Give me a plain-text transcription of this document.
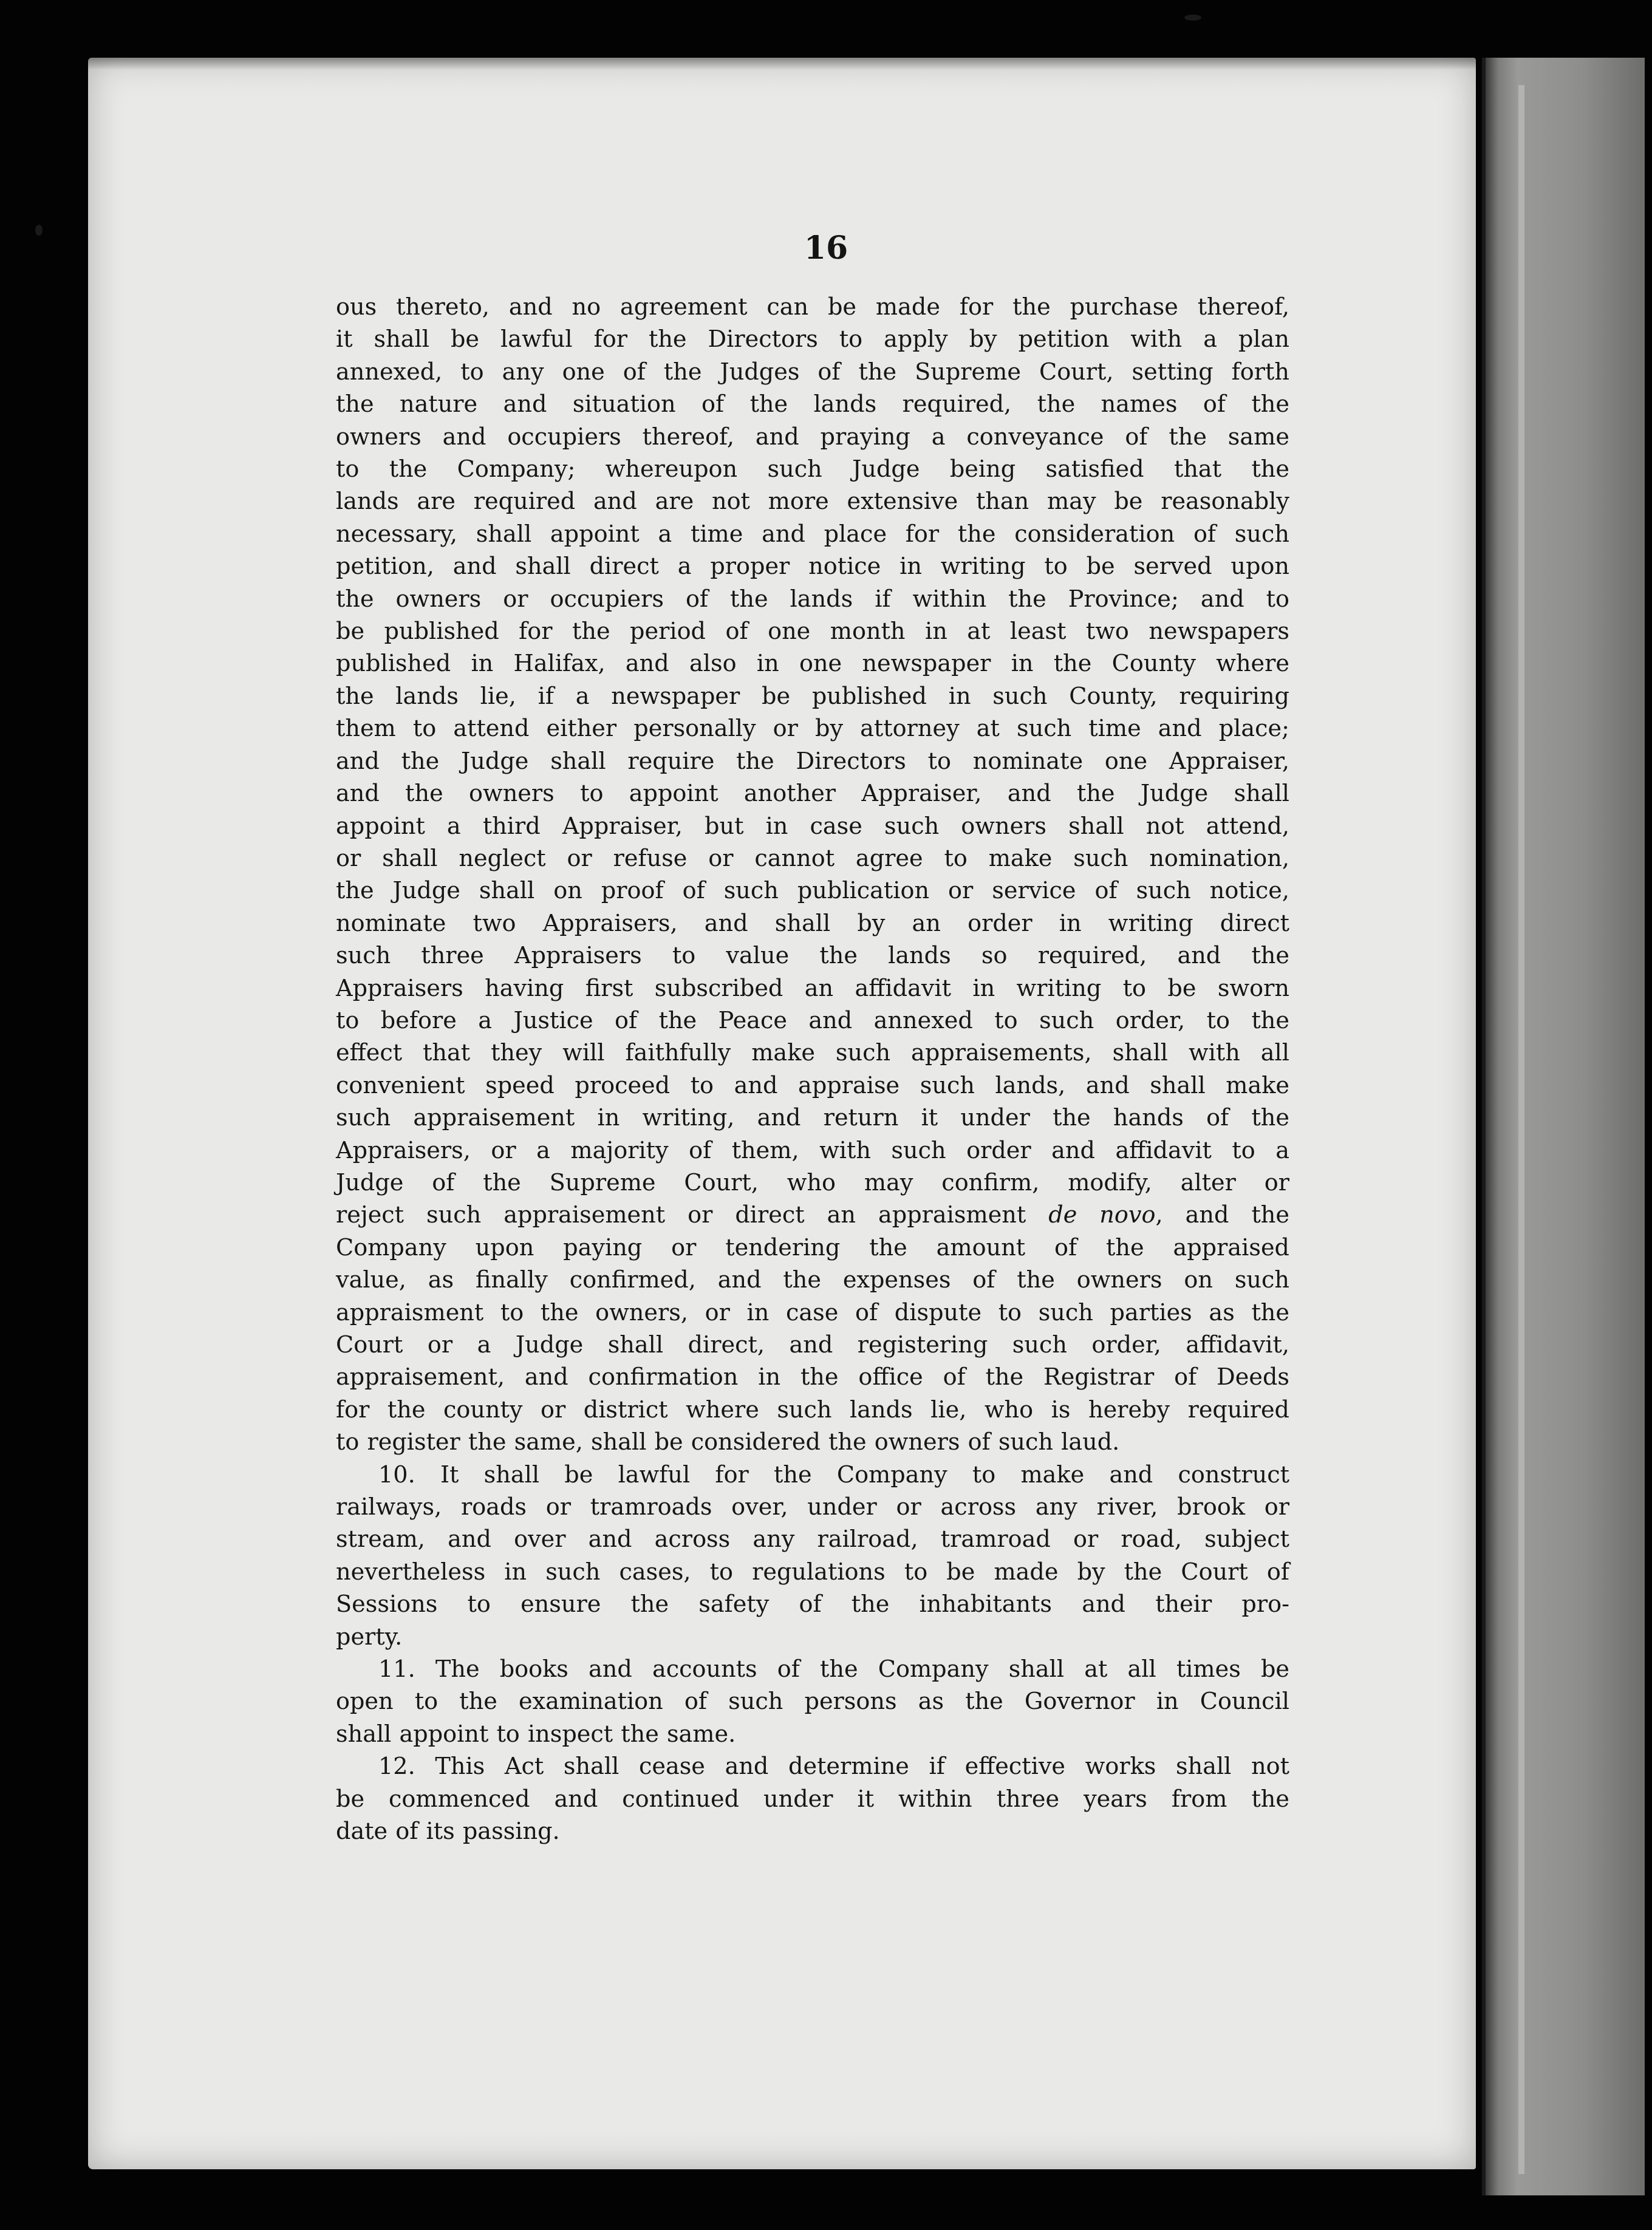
16
ous thereto, and no agreement can be made for the purchase thereof,
it shall be lawful for the Directors to apply by petition with a plan
annexed, to any one of the Judges of the Supreme Court, setting forth
the nature and situation of the lands required, the names of the
owners and occupiers thereof, and praying a conveyance of the same
to the Company; whereupon such Judge being satisfied that the
lands are required and are not more extensive than may be reasonably
necessary, shall appoint a time and place for the consideration of such
petition, and shall direct a proper notice in writing to be served upon
the owners or occupiers of the lands if within the Province; and to
be published for the period of one month in at least two newspapers
published in Halifax, and also in one newspaper in the County where
the lands lie, if a newspaper be published in such County, requiring
them to attend either personally or by attorney at such time and place;
and the Judge shall require the Directors to nominate one Appraiser,
and the owners to appoint another Appraiser, and the Judge shall
appoint a third Appraiser, but in case such owners shall not attend,
or shall neglect or refuse or cannot agree to make such nomination,
the Judge shall on proof of such publication or service of such notice,
nominate two Appraisers, and shall by an order in writing direct
such three Appraisers to value the lands so required, and the
Appraisers having first subscribed an affidavit in writing to be sworn
to before a Justice of the Peace and annexed to such order, to the
effect that they will faithfully make such appraisements, shall with all
convenient speed proceed to and appraise such lands, and shall make
such appraisement in writing, and return it under the hands of the
Appraisers, or a majority of them, with such order and affidavit to a
Judge of the Supreme Court, who may confirm, modify, alter or
reject such appraisement or direct an appraisment de novo, and the
Company upon paying or tendering the amount of the appraised
value, as finally confirmed, and the expenses of the owners on such
appraisment to the owners, or in case of dispute to such parties as the
Court or a Judge shall direct, and registering such order, affidavit,
appraisement, and confirmation in the office of the Registrar of Deeds
for the county or district where such lands lie, who is hereby required
to register the same, shall be considered the owners of such laud.
10. It shall be lawful for the Company to make and construct
railways, roads or tramroads over, under or across any river, brook or
stream, and over and across any railroad, tramroad or road, subject
nevertheless in such cases, to regulations to be made by the Court of
Sessions to ensure the safety of the inhabitants and their pro-
perty.
11. The books and accounts of the Company shall at all times be
open to the examination of such persons as the Governor in Council
shall appoint to inspect the same.
12. This Act shall cease and determine if effective works shall not
be commenced and continued under it within three years from the
date of its passing.
